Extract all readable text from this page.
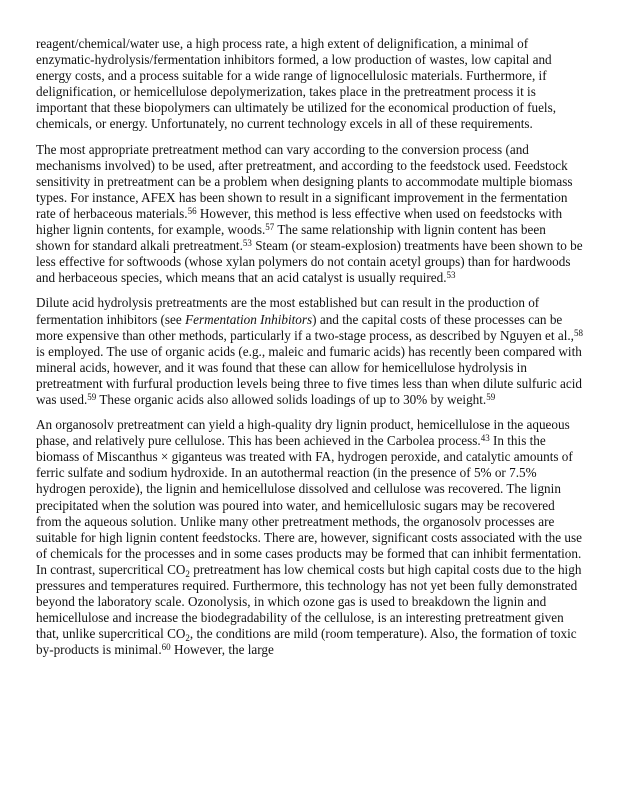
reagent/chemical/water use, a high process rate, a high extent of delignification, a minimal of enzymatic-hydrolysis/fermentation inhibitors formed, a low production of wastes, low capital and energy costs, and a process suitable for a wide range of lignocellulosic materials. Furthermore, if delignification, or hemicellulose depolymerization, takes place in the pretreatment process it is important that these biopolymers can ultimately be utilized for the economical production of fuels, chemicals, or energy. Unfortunately, no current technology excels in all of these requirements.

The most appropriate pretreatment method can vary according to the conversion process (and mechanisms involved) to be used, after pretreatment, and according to the feedstock used. Feedstock sensitivity in pretreatment can be a problem when designing plants to accommodate multiple biomass types. For instance, AFEX has been shown to result in a significant improvement in the fermentation rate of herbaceous materials.$^{56}$ However, this method is less effective when used on feedstocks with higher lignin contents, for example, woods.$^{57}$ The same relationship with lignin content has been shown for standard alkali pretreatment.$^{53}$ Steam (or steam-explosion) treatments have been shown to be less effective for softwoods (whose xylan polymers do not contain acetyl groups) than for hardwoods and herbaceous species, which means that an acid catalyst is usually required.$^{53}$

Dilute acid hydrolysis pretreatments are the most established but can result in the production of fermentation inhibitors (see Fermentation Inhibitors) and the capital costs of these processes can be more expensive than other methods, particularly if a two-stage process, as described by Nguyen et al.,$^{58}$ is employed. The use of organic acids (e.g., maleic and fumaric acids) has recently been compared with mineral acids, however, and it was found that these can allow for hemicellulose hydrolysis in pretreatment with furfural production levels being three to five times less than when dilute sulfuric acid was used.$^{59}$ These organic acids also allowed solids loadings of up to 30% by weight.$^{59}$

An organosolv pretreatment can yield a high-quality dry lignin product, hemicellulose in the aqueous phase, and relatively pure cellulose. This has been achieved in the Carbolea process.$^{43}$ In this the biomass of Miscanthus × giganteus was treated with FA, hydrogen peroxide, and catalytic amounts of ferric sulfate and sodium hydroxide. In an autothermal reaction (in the presence of 5% or 7.5% hydrogen peroxide), the lignin and hemicellulose dissolved and cellulose was recovered. The lignin precipitated when the solution was poured into water, and hemicellulosic sugars may be recovered from the aqueous solution. Unlike many other pretreatment methods, the organosolv processes are suitable for high lignin content feedstocks. There are, however, significant costs associated with the use of chemicals for the processes and in some cases products may be formed that can inhibit fermentation. In contrast, supercritical $CO_2$ pretreatment has low chemical costs but high capital costs due to the high pressures and temperatures required. Furthermore, this technology has not yet been fully demonstrated beyond the laboratory scale. Ozonolysis, in which ozone gas is used to breakdown the lignin and hemicellulose and increase the biodegradability of the cellulose, is an interesting pretreatment given that, unlike supercritical $CO_2$, the conditions are mild (room temperature). Also, the formation of toxic by-products is minimal.$^{60}$ However, the large
